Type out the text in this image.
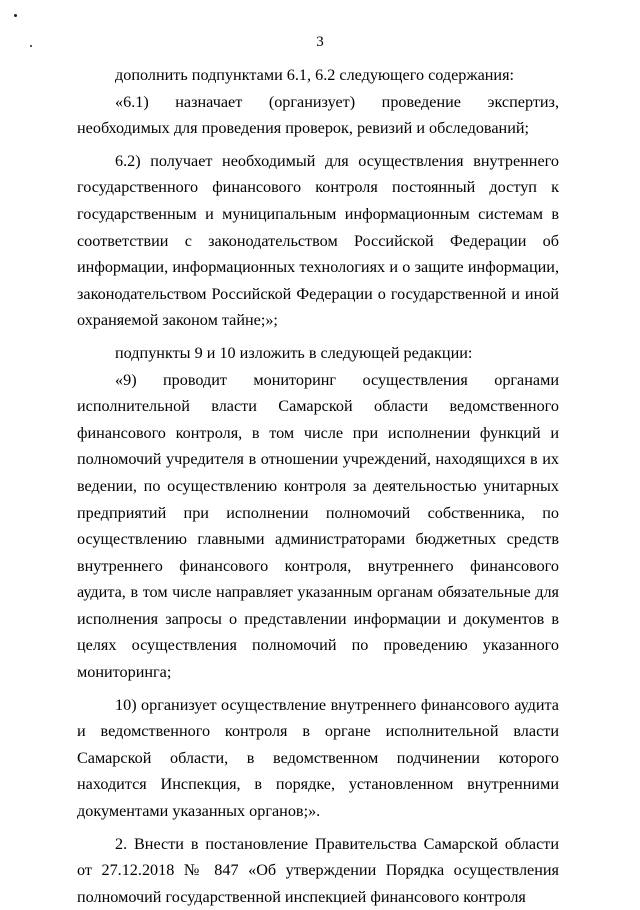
3

дополнить подпунктами 6.1, 6.2 следующего содержания:

«6.1) назначает (организует) проведение экспертиз, необходимых для проведения проверок, ревизий и обследований;

6.2) получает необходимый для осуществления внутреннего государственного финансового контроля постоянный доступ к государственным и муниципальным информационным системам в соответствии с законодательством Российской Федерации об информации, информационных технологиях и о защите информации, законодательством Российской Федерации о государственной и иной охраняемой законом тайне;»;

подпункты 9 и 10 изложить в следующей редакции:

«9) проводит мониторинг осуществления органами исполнительной власти Самарской области ведомственного финансового контроля, в том числе при исполнении функций и полномочий учредителя в отношении учреждений, находящихся в их ведении, по осуществлению контроля за деятельностью унитарных предприятий при исполнении полномочий собственника, по осуществлению главными администраторами бюджетных средств внутреннего финансового контроля, внутреннего финансового аудита, в том числе направляет указанным органам обязательные для исполнения запросы о представлении информации и документов в целях осуществления полномочий по проведению указанного мониторинга;

10) организует осуществление внутреннего финансового аудита и ведомственного контроля в органе исполнительной власти Самарской области, в ведомственном подчинении которого находится Инспекция, в порядке, установленном внутренними документами указанных органов;».

2. Внести в постановление Правительства Самарской области от 27.12.2018 № 847 «Об утверждении Порядка осуществления полномочий государственной инспекцией финансового контроля
